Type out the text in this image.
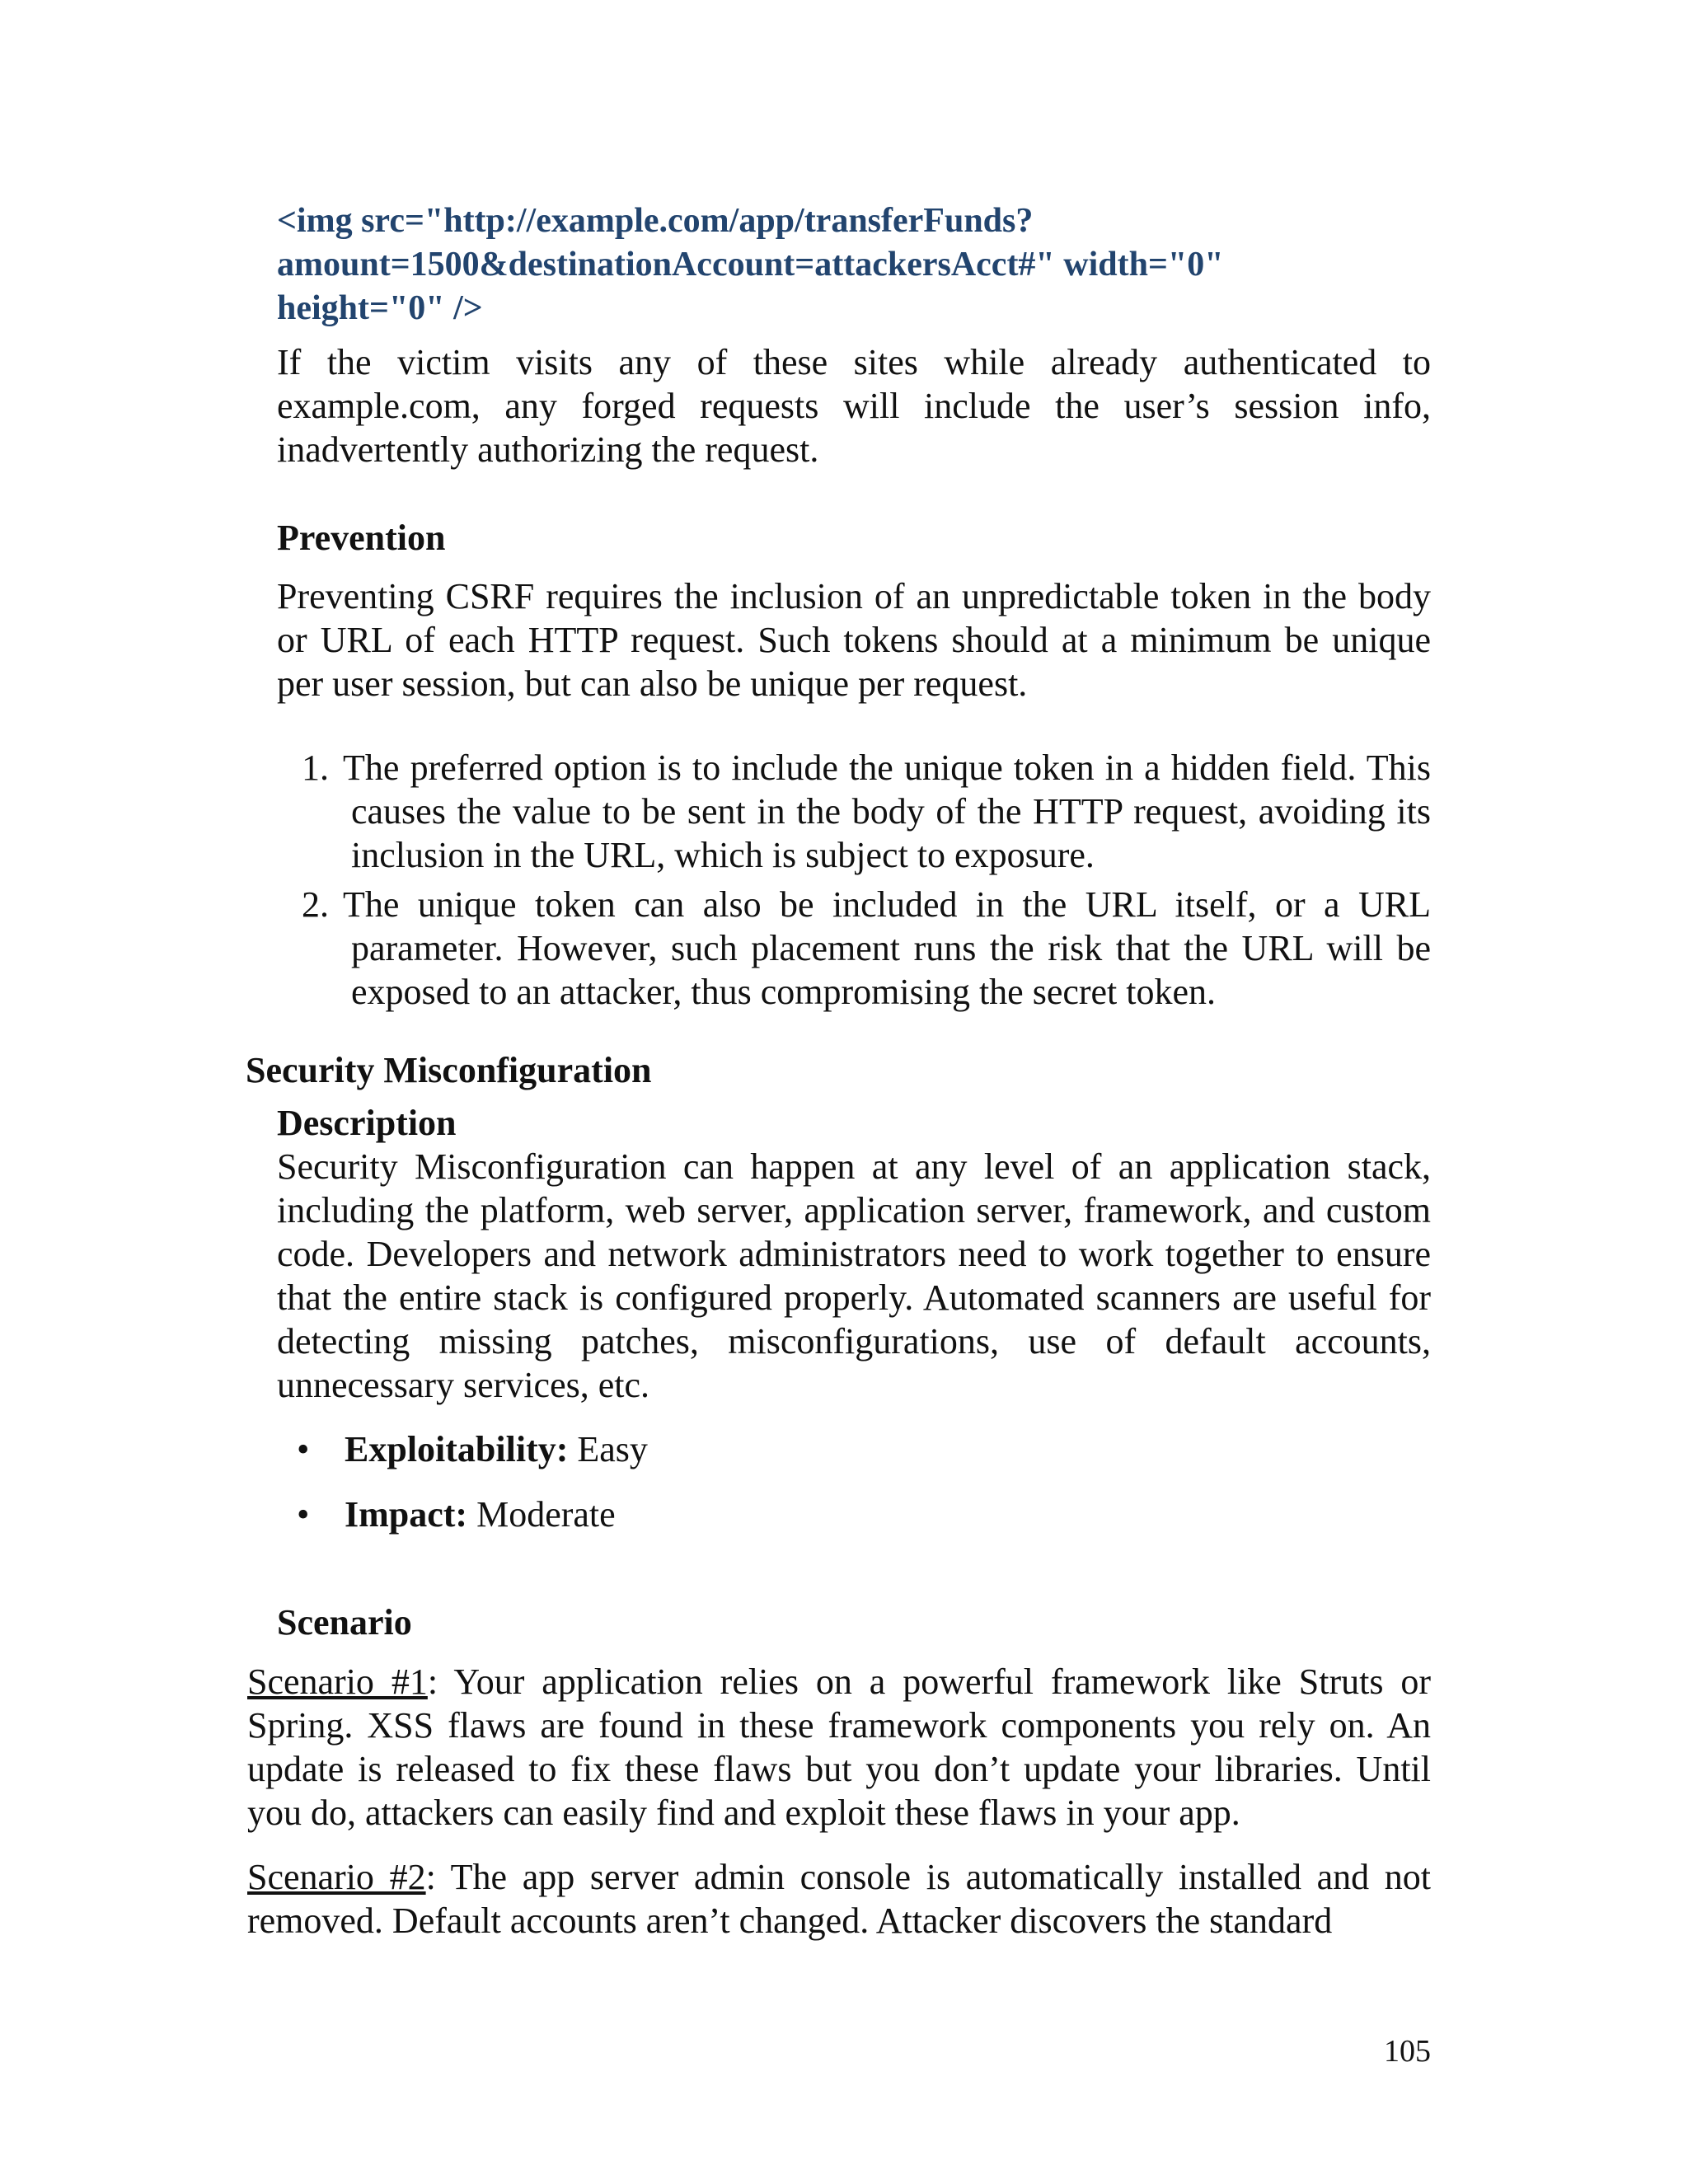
<img src="http://example.com/app/transferFunds?
amount=1500&destinationAccount=attackersAcct#" width="0"
height="0" />

If the victim visits any of these sites while already authenticated to example.com, any forged requests will include the user’s session info, inadvertently authorizing the request.

Prevention

Preventing CSRF requires the inclusion of an unpredictable token in the body or URL of each HTTP request. Such tokens should at a minimum be unique per user session, but can also be unique per request.

1. The preferred option is to include the unique token in a hidden field. This causes the value to be sent in the body of the HTTP request, avoiding its inclusion in the URL, which is subject to exposure.
2. The unique token can also be included in the URL itself, or a URL parameter. However, such placement runs the risk that the URL will be exposed to an attacker, thus compromising the secret token.
Security Misconfiguration
Description

Security Misconfiguration can happen at any level of an application stack, including the platform, web server, application server, framework, and custom code. Developers and network administrators need to work together to ensure that the entire stack is configured properly. Automated scanners are useful for detecting missing patches, misconfigurations, use of default accounts, unnecessary services, etc.

• Exploitability: Easy
• Impact: Moderate
Scenario

Scenario #1: Your application relies on a powerful framework like Struts or Spring. XSS flaws are found in these framework components you rely on. An update is released to fix these flaws but you don’t update your libraries. Until you do, attackers can easily find and exploit these flaws in your app.

Scenario #2: The app server admin console is automatically installed and not removed. Default accounts aren’t changed. Attacker discovers the standard

105
